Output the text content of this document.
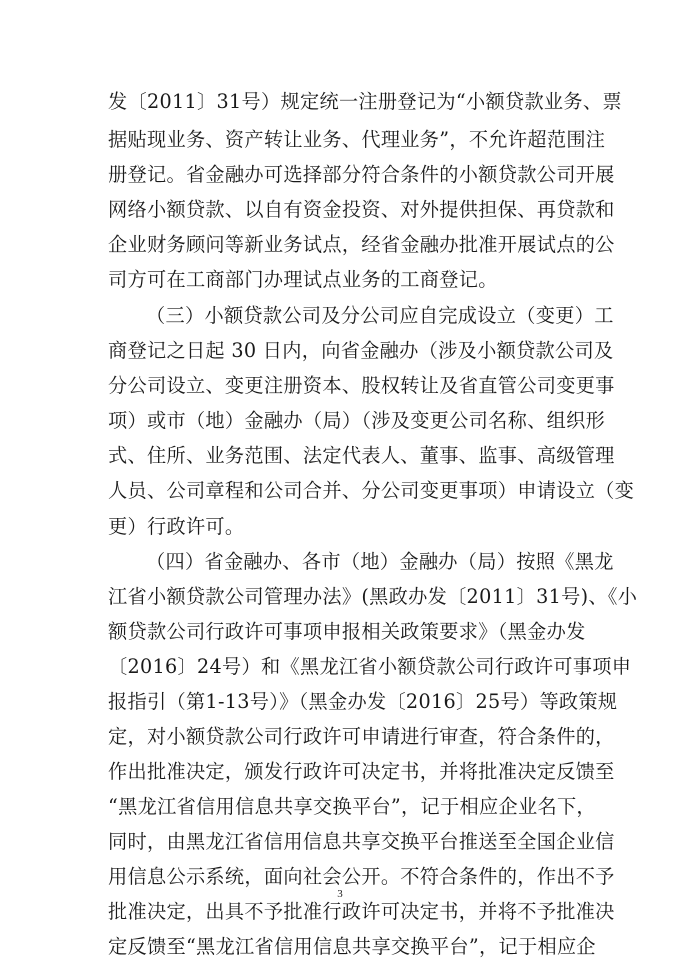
发〔2011〕31号）规定统一注册登记为“小额贷款业务、票
据贴现业务、资产转让业务、代理业务”，不允许超范围注
册登记。省金融办可选择部分符合条件的小额贷款公司开展
网络小额贷款、以自有资金投资、对外提供担保、再贷款和
企业财务顾问等新业务试点，经省金融办批准开展试点的公
司方可在工商部门办理试点业务的工商登记。
（三）小额贷款公司及分公司应自完成设立（变更）工
商登记之日起 30 日内，向省金融办（涉及小额贷款公司及
分公司设立、变更注册资本、股权转让及省直管公司变更事
项）或市（地）金融办（局）（涉及变更公司名称、组织形
式、住所、业务范围、法定代表人、董事、监事、高级管理
人员、公司章程和公司合并、分公司变更事项）申请设立（变
更）行政许可。
（四）省金融办、各市（地）金融办（局）按照《黑龙
江省小额贷款公司管理办法》(黑政办发〔2011〕31号)、《小
额贷款公司行政许可事项申报相关政策要求》（黑金办发
〔2016〕24号）和《黑龙江省小额贷款公司行政许可事项申
报指引（第1-13号）》（黑金办发〔2016〕25号）等政策规
定，对小额贷款公司行政许可申请进行审查，符合条件的，
作出批准决定，颁发行政许可决定书，并将批准决定反馈至
“黑龙江省信用信息共享交换平台”，记于相应企业名下，
同时，由黑龙江省信用信息共享交换平台推送至全国企业信
用信息公示系统，面向社会公开。不符合条件的，作出不予
批准决定，出具不予批准行政许可决定书，并将不予批准决
定反馈至“黑龙江省信用信息共享交换平台”，记于相应企
3
